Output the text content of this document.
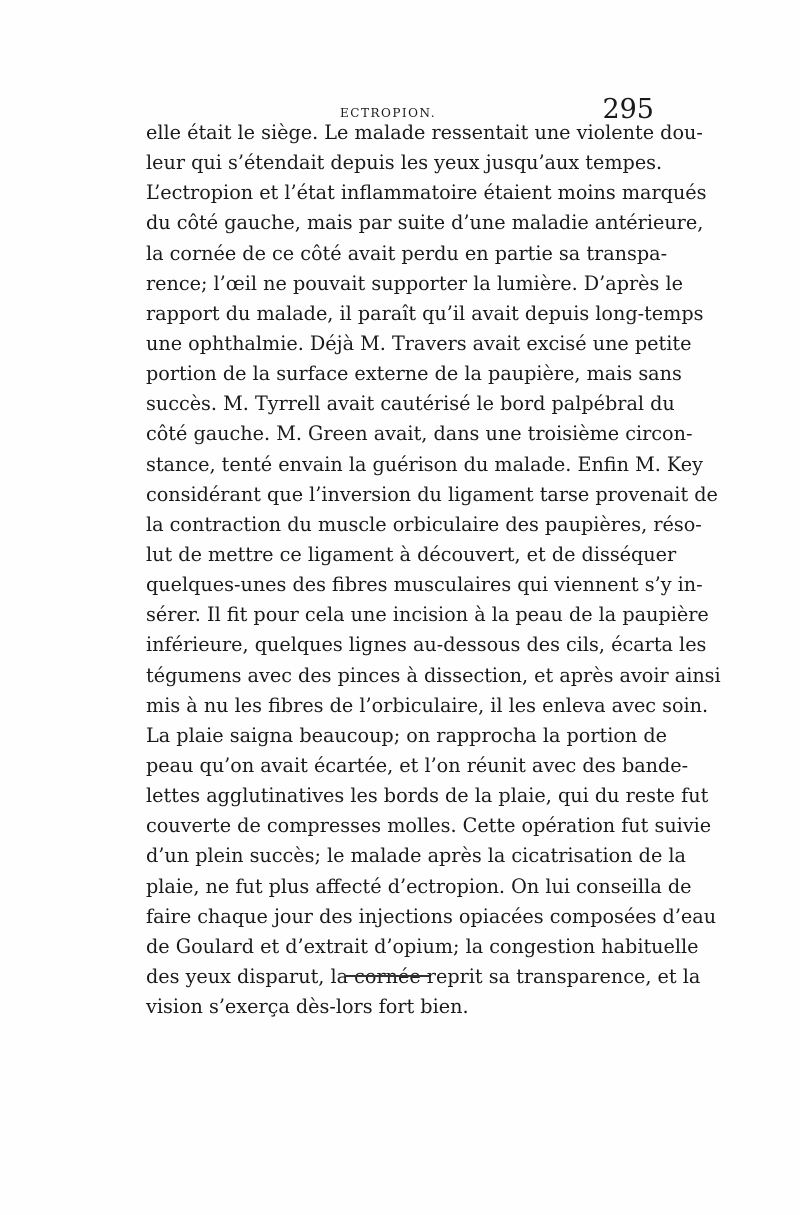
ECTROPION.	295
elle était le siège. Le malade ressentait une violente dou-
leur qui s’étendait depuis les yeux jusqu’aux tempes.
L’ectropion et l’état inflammatoire étaient moins marqués
du côté gauche, mais par suite d’une maladie antérieure,
la cornée de ce côté avait perdu en partie sa transpa-
rence; l’œil ne pouvait supporter la lumière. D’après le
rapport du malade, il paraît qu’il avait depuis long-temps
une ophthalmie. Déjà M. Travers avait excisé une petite
portion de la surface externe de la paupière, mais sans
succès. M. Tyrrell avait cautérisé le bord palpébral du
côté gauche. M. Green avait, dans une troisième circon-
stance, tenté envain la guérison du malade. Enfin M. Key
considérant que l’inversion du ligament tarse provenait de
la contraction du muscle orbiculaire des paupières, réso-
lut de mettre ce ligament à découvert, et de disséquer
quelques-unes des fibres musculaires qui viennent s’y in-
sérer. Il fit pour cela une incision à la peau de la paupière
inférieure, quelques lignes au-dessous des cils, écarta les
tégumens avec des pinces à dissection, et après avoir ainsi
mis à nu les fibres de l’orbiculaire, il les enleva avec soin.
La plaie saigna beaucoup; on rapprocha la portion de
peau qu’on avait écartée, et l’on réunit avec des bande-
lettes agglutinatives les bords de la plaie, qui du reste fut
couverte de compresses molles. Cette opération fut suivie
d’un plein succès; le malade après la cicatrisation de la
plaie, ne fut plus affecté d’ectropion. On lui conseilla de
faire chaque jour des injections opiacées composées d’eau
de Goulard et d’extrait d’opium; la congestion habituelle
des yeux disparut, la cornée reprit sa transparence, et la
vision s’exerça dès-lors fort bien.
